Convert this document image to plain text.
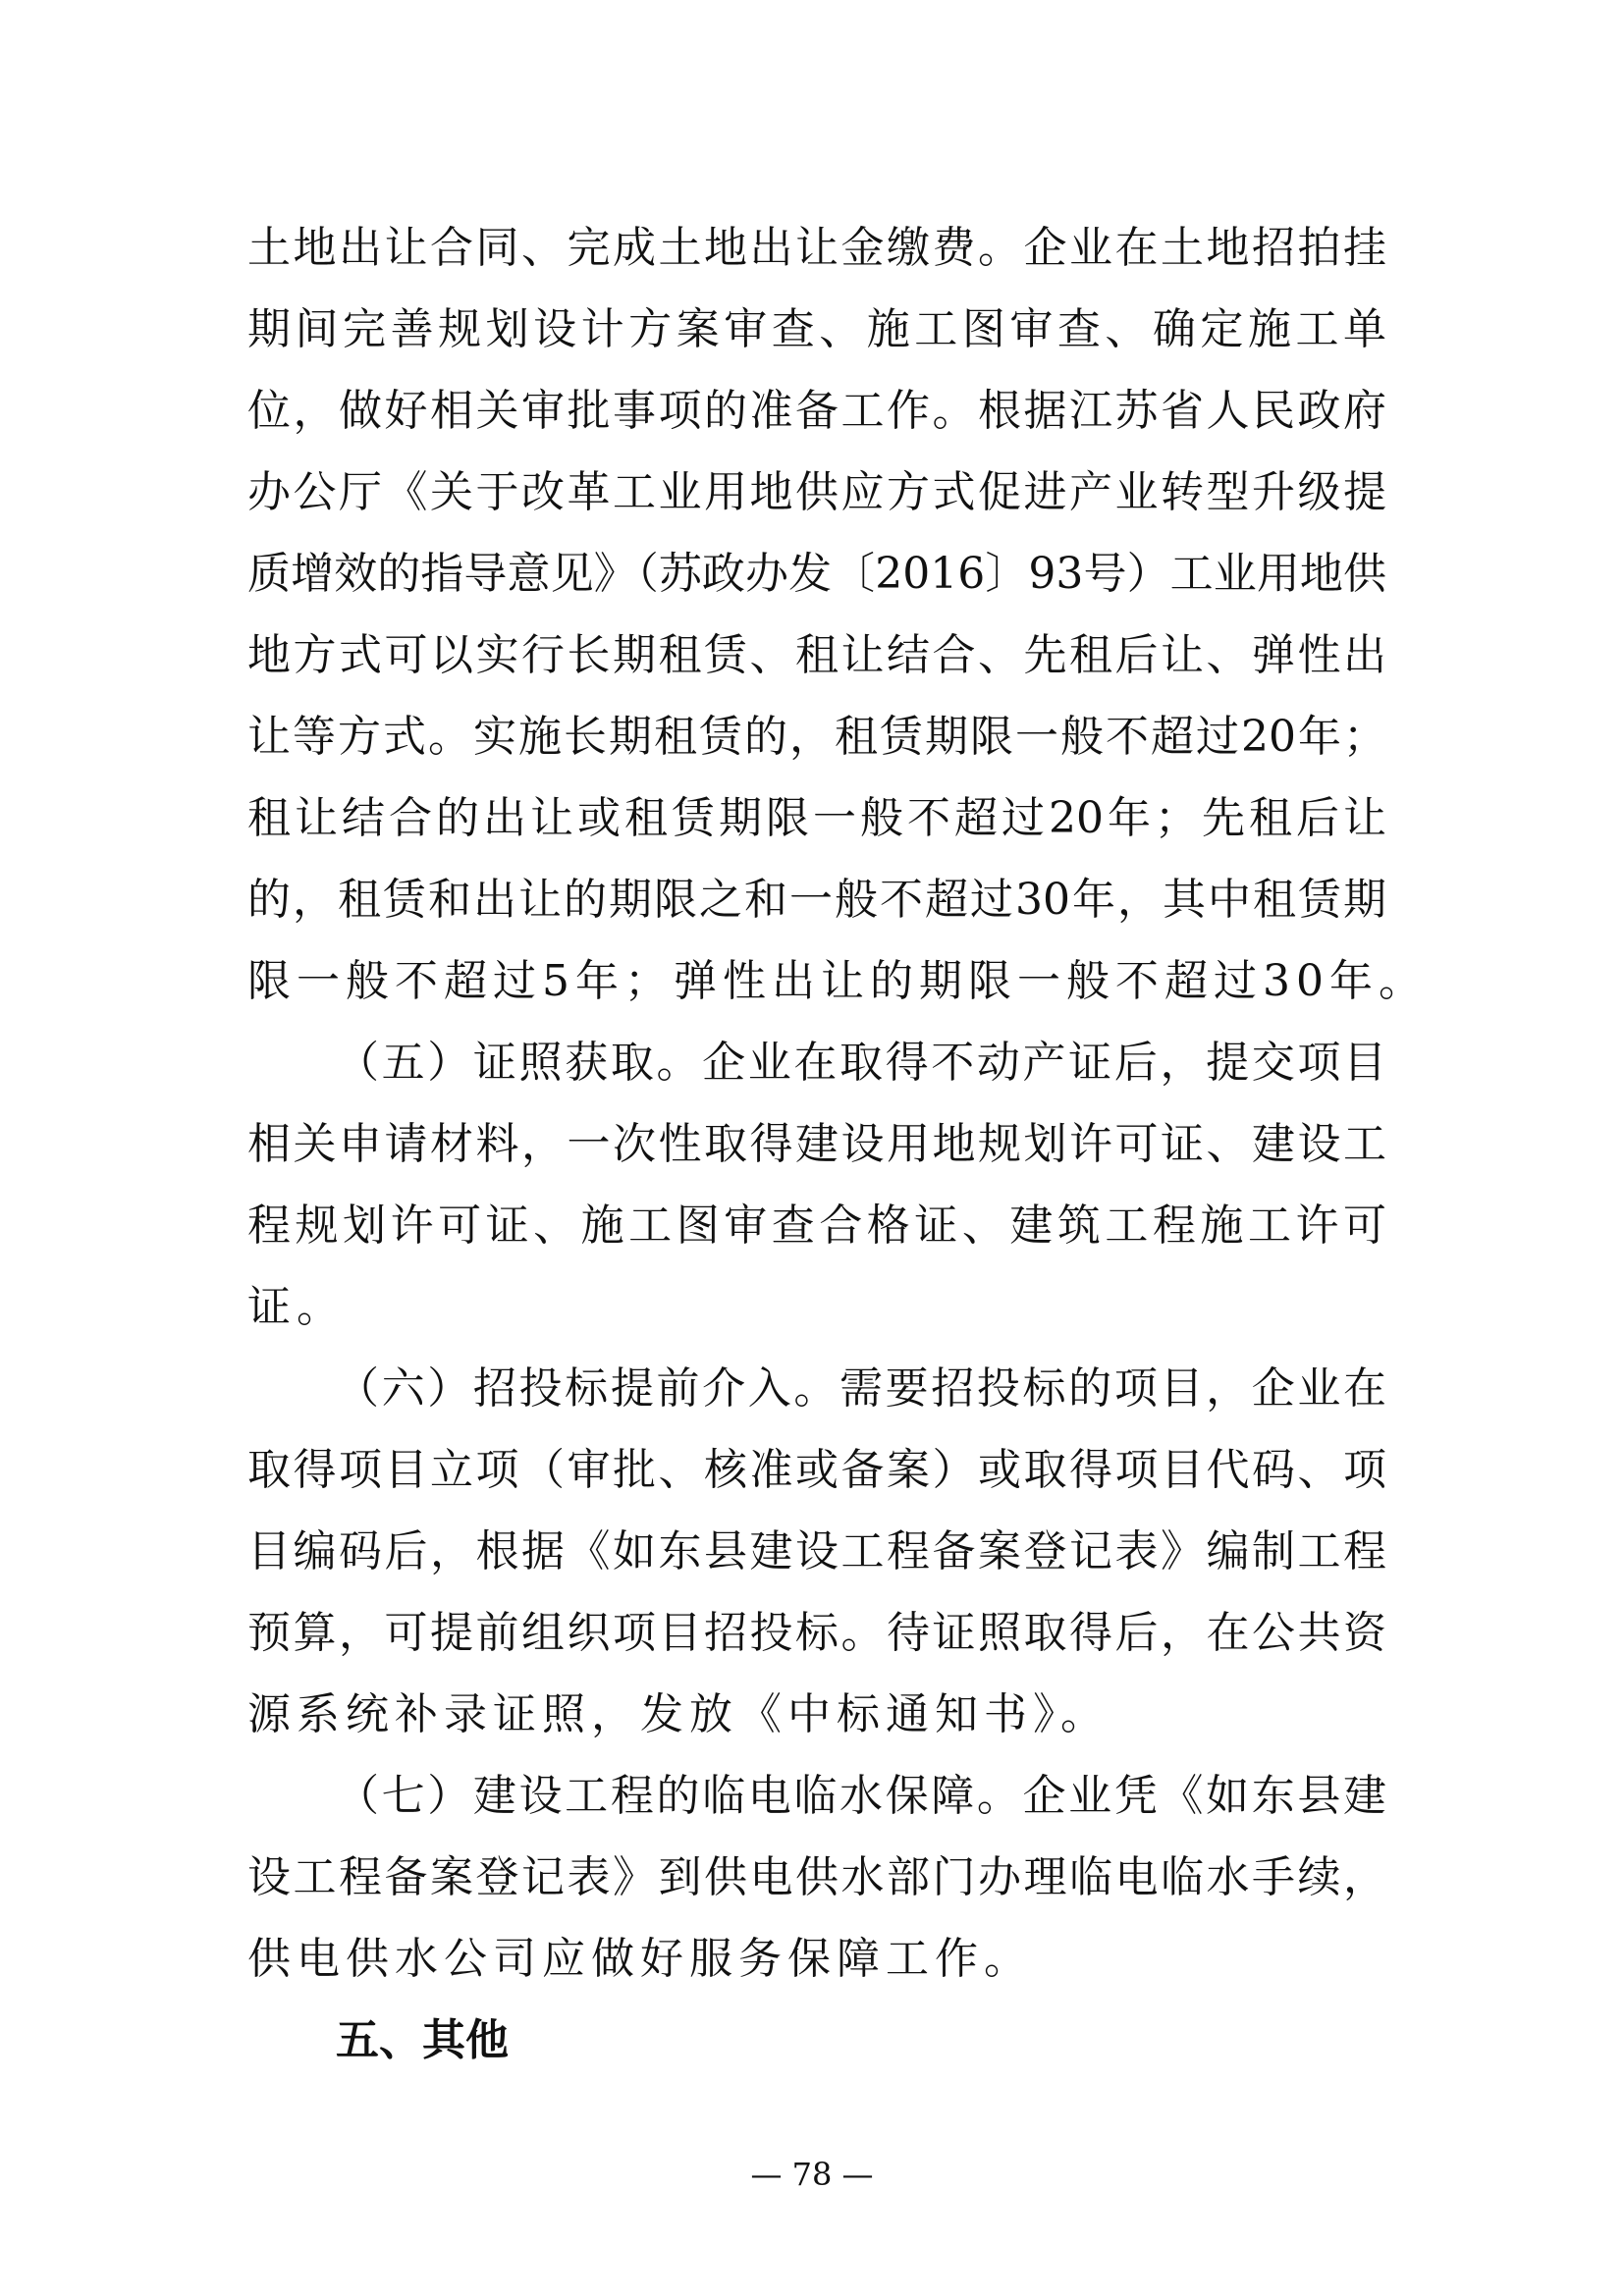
土地出让合同、完成土地出让金缴费。企业在土地招拍挂
期间完善规划设计方案审查、施工图审查、确定施工单
位，做好相关审批事项的准备工作。根据江苏省人民政府
办公厅《关于改革工业用地供应方式促进产业转型升级提
质增效的指导意见》（苏政办发〔2016〕93号）工业用地供
地方式可以实行长期租赁、租让结合、先租后让、弹性出
让等方式。实施长期租赁的，租赁期限一般不超过20年；
租让结合的出让或租赁期限一般不超过20年；先租后让
的，租赁和出让的期限之和一般不超过30年，其中租赁期
限一般不超过5年；弹性出让的期限一般不超过30年。
（五）证照获取。企业在取得不动产证后，提交项目
相关申请材料，一次性取得建设用地规划许可证、建设工
程规划许可证、施工图审查合格证、建筑工程施工许可
证。
（六）招投标提前介入。需要招投标的项目，企业在
取得项目立项（审批、核准或备案）或取得项目代码、项
目编码后，根据《如东县建设工程备案登记表》编制工程
预算，可提前组织项目招投标。待证照取得后，在公共资
源系统补录证照，发放《中标通知书》。
（七）建设工程的临电临水保障。企业凭《如东县建
设工程备案登记表》到供电供水部门办理临电临水手续，
供电供水公司应做好服务保障工作。
五、其他
— 78 —
